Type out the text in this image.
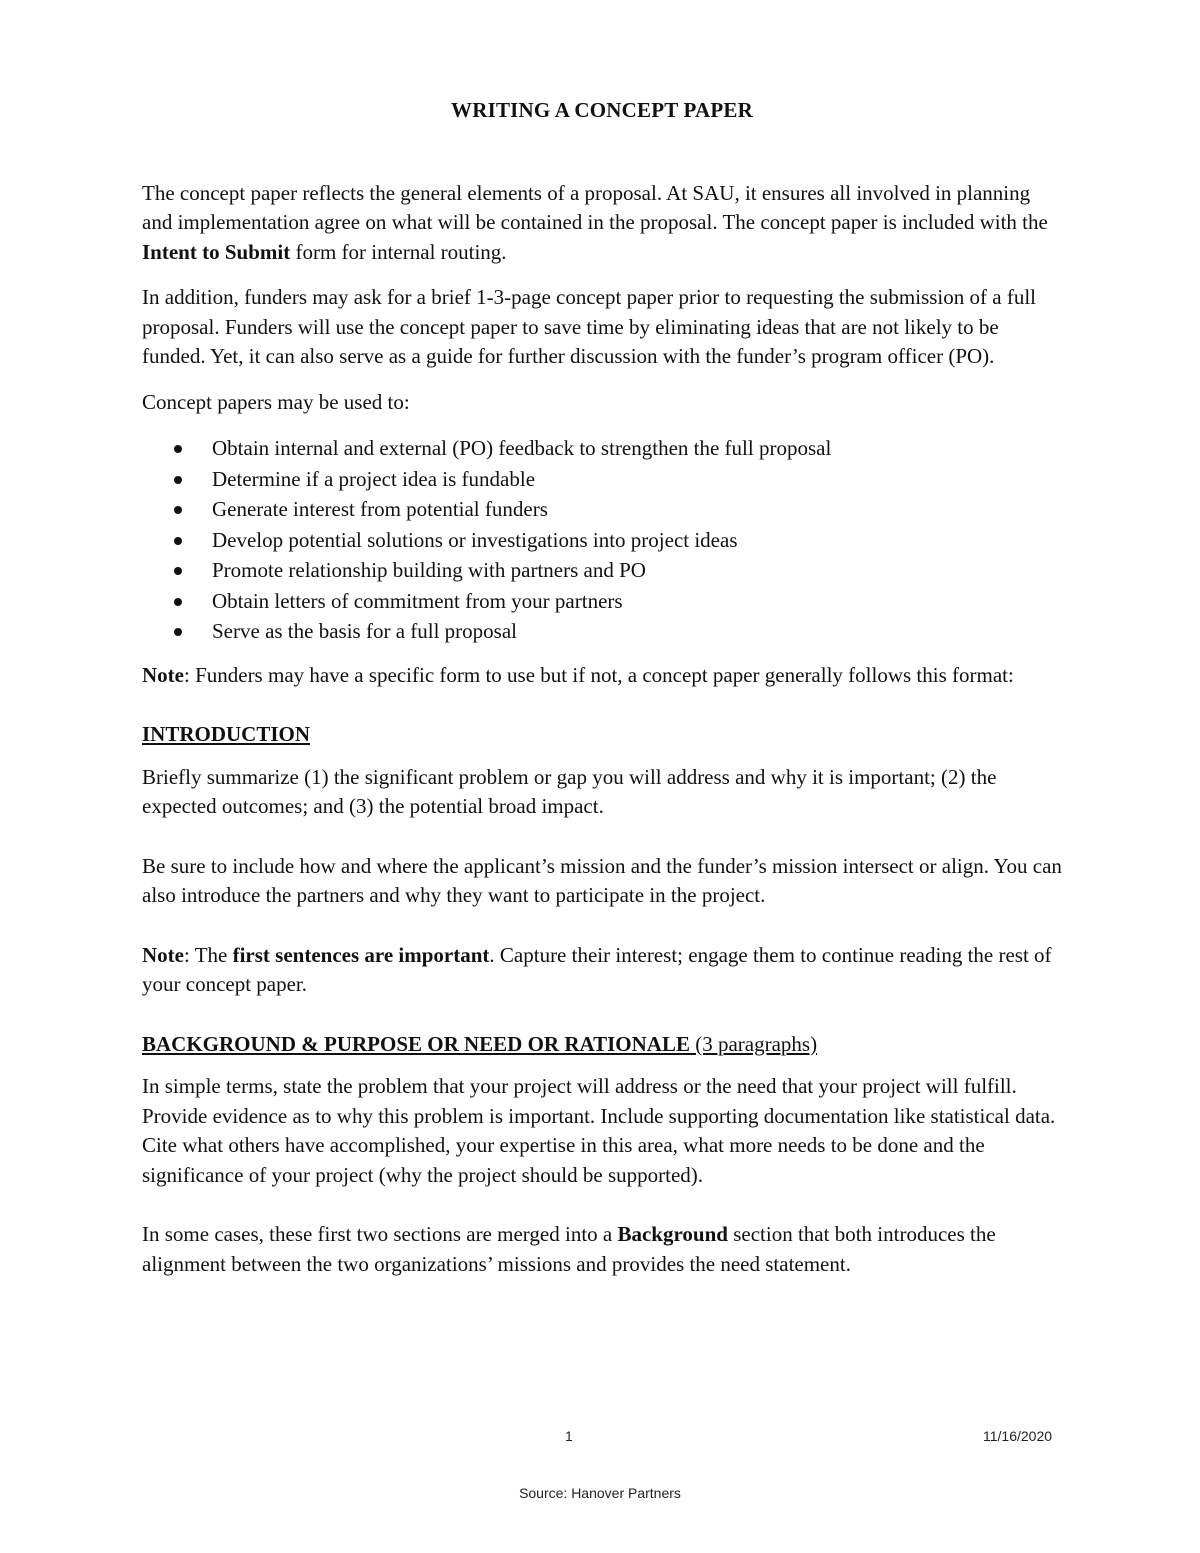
WRITING A CONCEPT PAPER

The concept paper reflects the general elements of a proposal. At SAU, it ensures all involved in planning and implementation agree on what will be contained in the proposal. The concept paper is included with the Intent to Submit form for internal routing.

In addition, funders may ask for a brief 1-3-page concept paper prior to requesting the submission of a full proposal. Funders will use the concept paper to save time by eliminating ideas that are not likely to be funded. Yet, it can also serve as a guide for further discussion with the funder’s program officer (PO).

Concept papers may be used to:

Obtain internal and external (PO) feedback to strengthen the full proposal
Determine if a project idea is fundable
Generate interest from potential funders
Develop potential solutions or investigations into project ideas
Promote relationship building with partners and PO
Obtain letters of commitment from your partners
Serve as the basis for a full proposal

Note: Funders may have a specific form to use but if not, a concept paper generally follows this format:

INTRODUCTION

Briefly summarize (1) the significant problem or gap you will address and why it is important; (2) the expected outcomes; and (3) the potential broad impact.

Be sure to include how and where the applicant’s mission and the funder’s mission intersect or align. You can also introduce the partners and why they want to participate in the project.

Note: The first sentences are important. Capture their interest; engage them to continue reading the rest of your concept paper.

BACKGROUND & PURPOSE OR NEED OR RATIONALE (3 paragraphs)

In simple terms, state the problem that your project will address or the need that your project will fulfill. Provide evidence as to why this problem is important. Include supporting documentation like statistical data. Cite what others have accomplished, your expertise in this area, what more needs to be done and the significance of your project (why the project should be supported).

In some cases, these first two sections are merged into a Background section that both introduces the alignment between the two organizations’ missions and provides the need statement.

1	11/16/2020
Source: Hanover Partners
